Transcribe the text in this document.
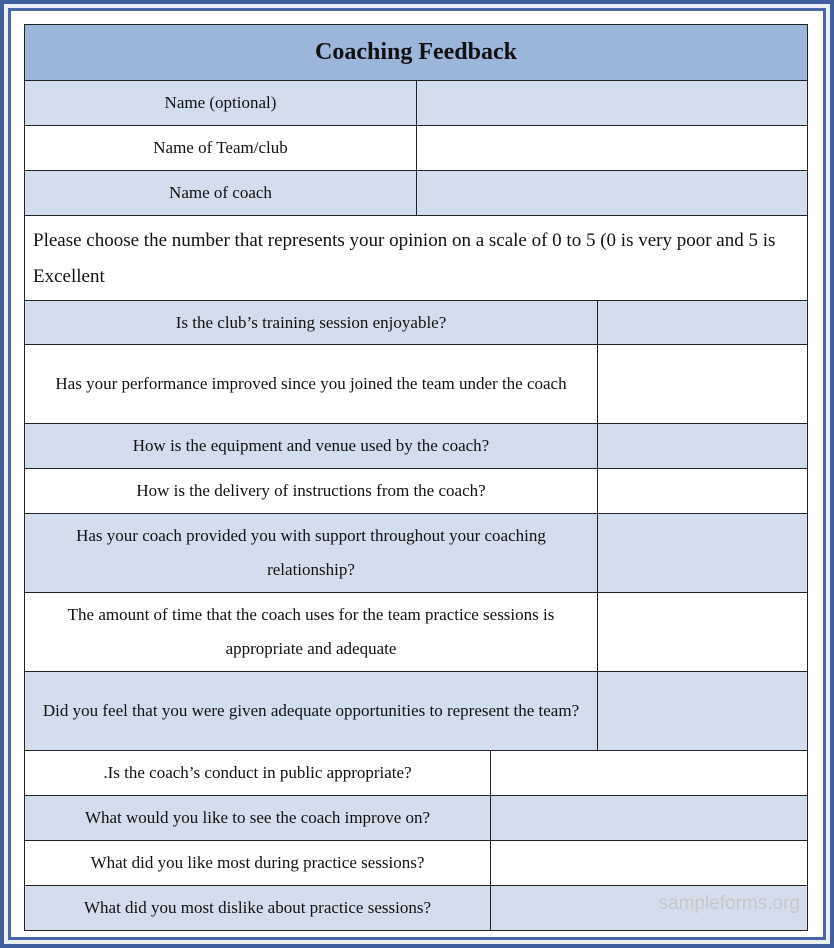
Coaching Feedback
Name (optional)
Name of Team/club
Name of coach
Please choose the number that represents your opinion on a scale of 0 to 5 (0 is very poor and 5 is Excellent
Is the club’s training session enjoyable?
Has your performance improved since you joined the team under the coach
How is the equipment and venue used by the coach?
How is the delivery of instructions from the coach?
Has your coach provided you with support throughout your coaching relationship?
The amount of time that the coach uses for the team practice sessions is appropriate and adequate
Did you feel that you were given adequate opportunities to represent the team?
.Is the coach’s conduct in public appropriate?
What would you like to see the coach improve on?
What did you like most during practice sessions?
What did you most dislike about practice sessions?	sampleforms.org
